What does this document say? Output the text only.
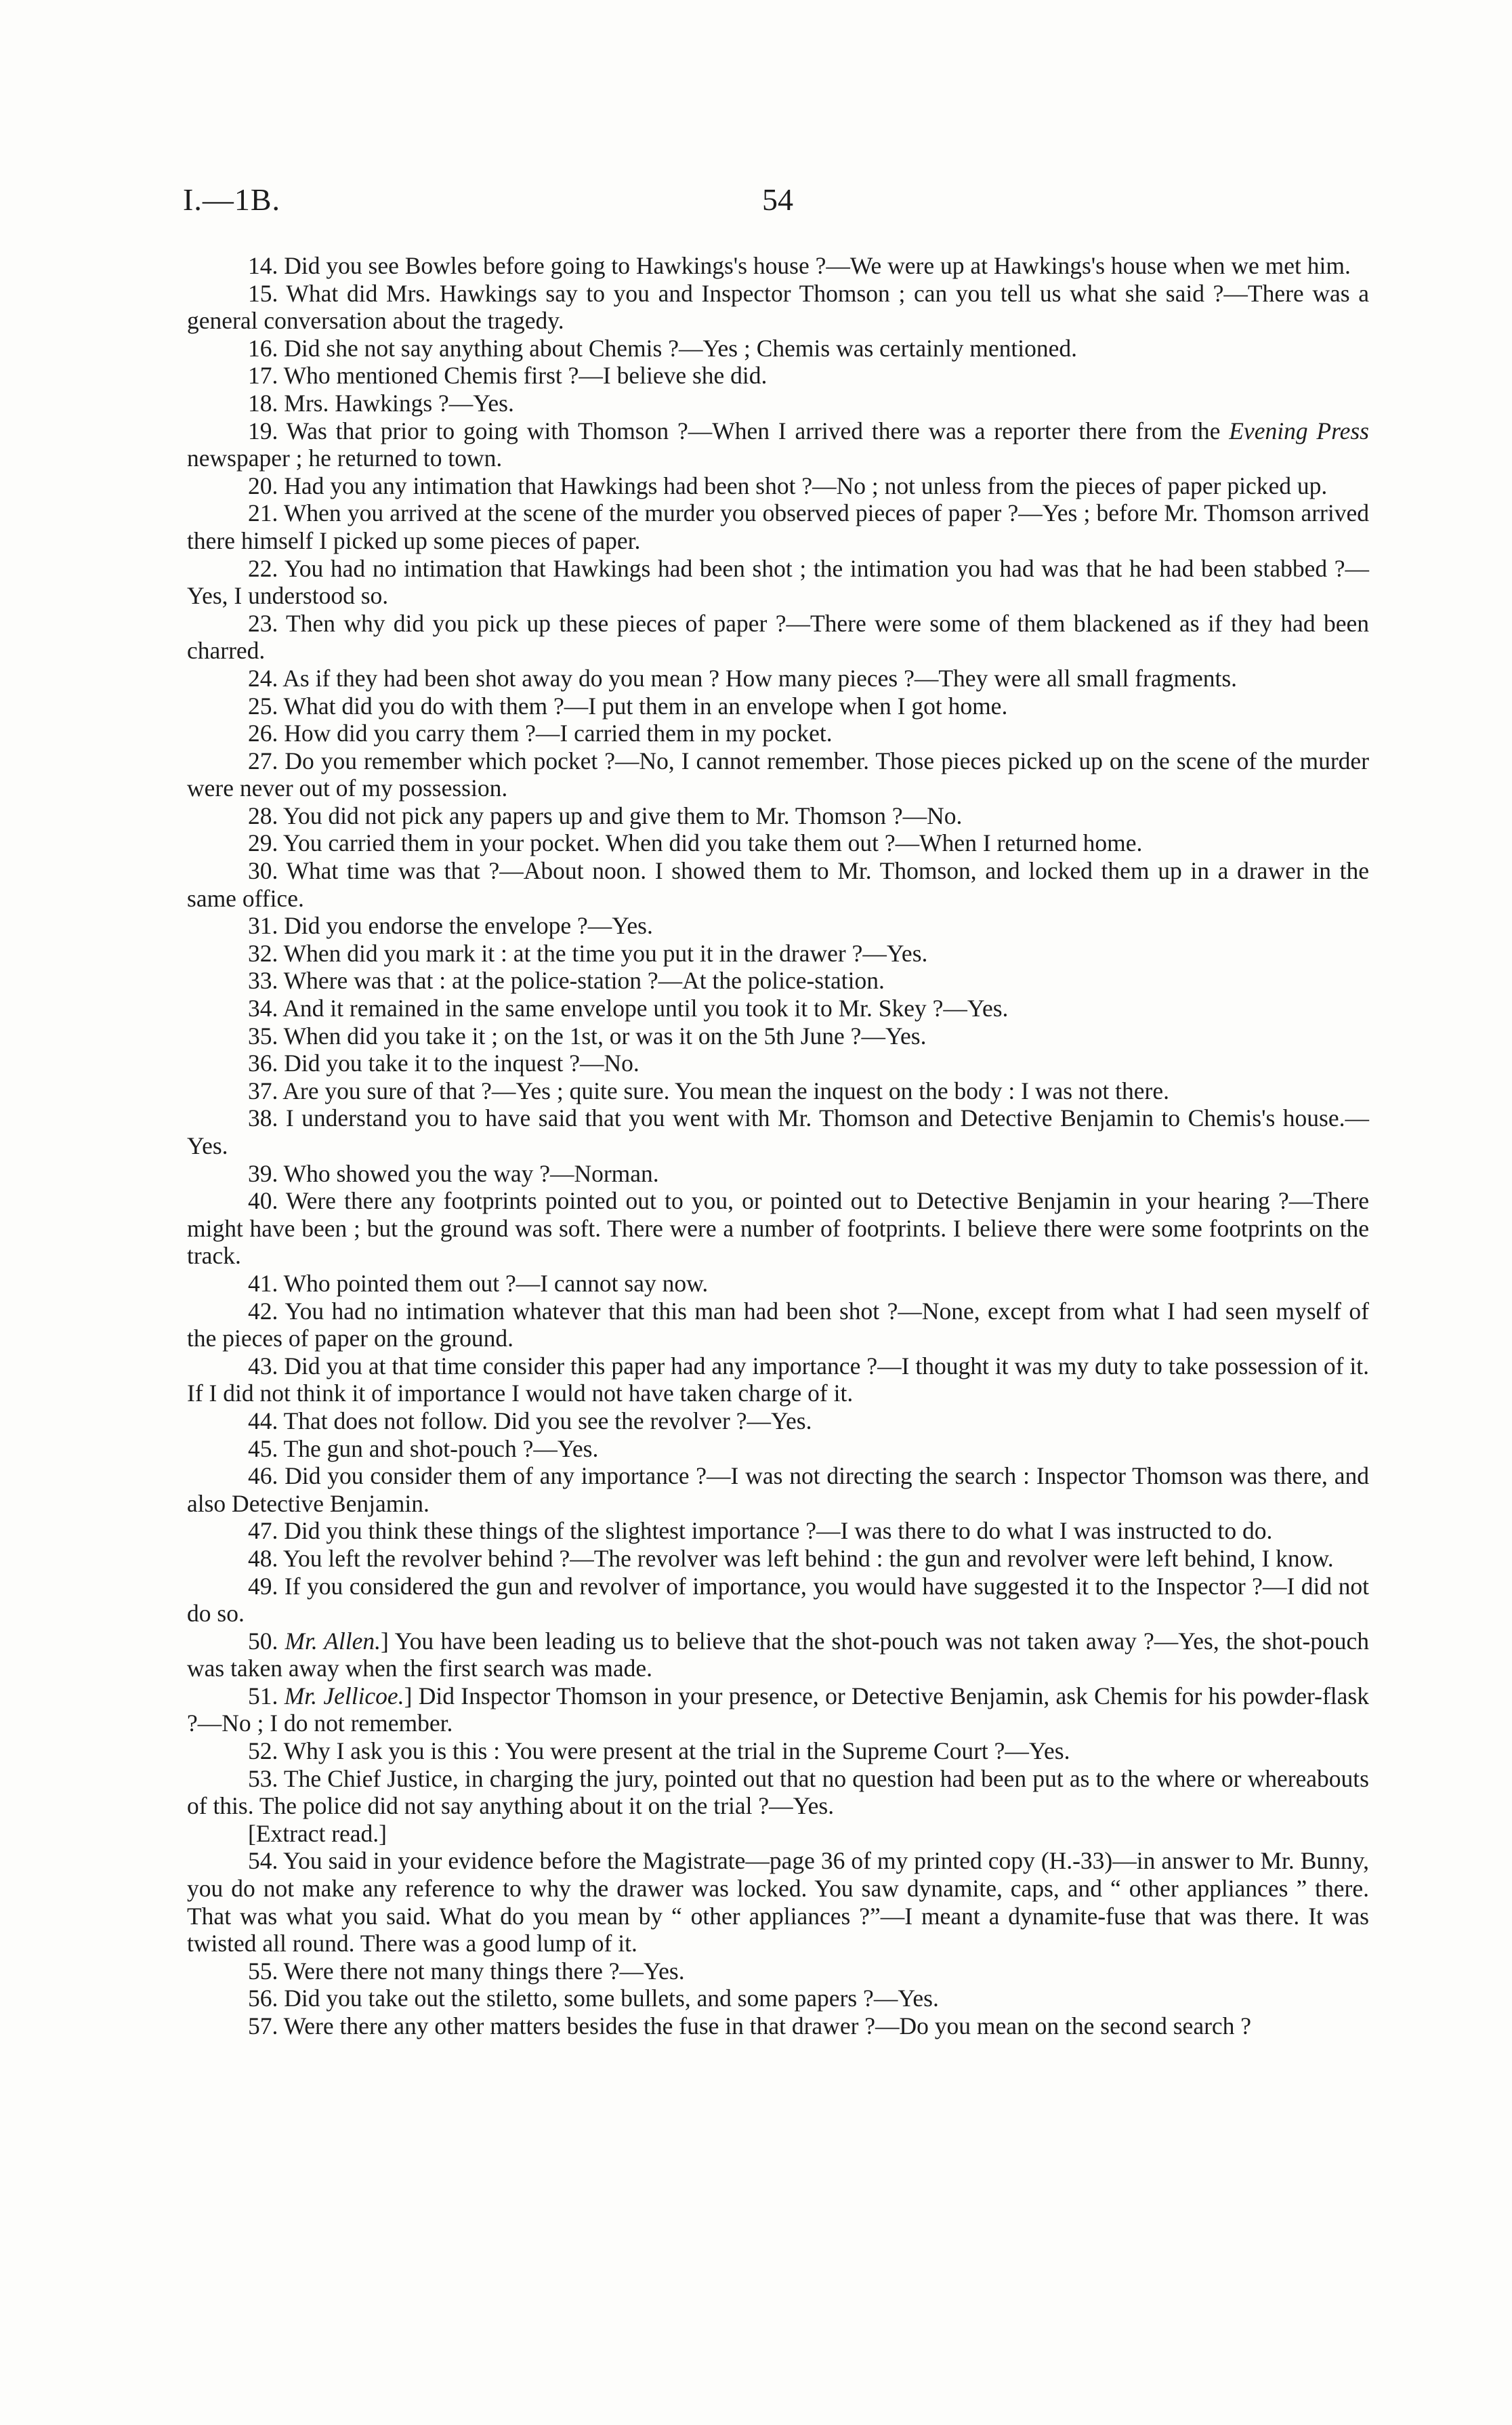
I.—1B.	54

14. Did you see Bowles before going to Hawkings's house ?—We were up at Hawkings's house when we met him.

15. What did Mrs. Hawkings say to you and Inspector Thomson ; can you tell us what she said ?—There was a general conversation about the tragedy.

16. Did she not say anything about Chemis ?—Yes ; Chemis was certainly mentioned.

17. Who mentioned Chemis first ?—I believe she did.

18. Mrs. Hawkings ?—Yes.

19. Was that prior to going with Thomson ?—When I arrived there was a reporter there from the Evening Press newspaper ; he returned to town.

20. Had you any intimation that Hawkings had been shot ?—No ; not unless from the pieces of paper picked up.

21. When you arrived at the scene of the murder you observed pieces of paper ?—Yes ; before Mr. Thomson arrived there himself I picked up some pieces of paper.

22. You had no intimation that Hawkings had been shot ; the intimation you had was that he had been stabbed ?—Yes, I understood so.

23. Then why did you pick up these pieces of paper ?—There were some of them blackened as if they had been charred.

24. As if they had been shot away do you mean ? How many pieces ?—They were all small fragments.

25. What did you do with them ?—I put them in an envelope when I got home.

26. How did you carry them ?—I carried them in my pocket.

27. Do you remember which pocket ?—No, I cannot remember. Those pieces picked up on the scene of the murder were never out of my possession.

28. You did not pick any papers up and give them to Mr. Thomson ?—No.

29. You carried them in your pocket. When did you take them out ?—When I returned home.

30. What time was that ?—About noon. I showed them to Mr. Thomson, and locked them up in a drawer in the same office.

31. Did you endorse the envelope ?—Yes.

32. When did you mark it : at the time you put it in the drawer ?—Yes.

33. Where was that : at the police-station ?—At the police-station.

34. And it remained in the same envelope until you took it to Mr. Skey ?—Yes.

35. When did you take it ; on the 1st, or was it on the 5th June ?—Yes.

36. Did you take it to the inquest ?—No.

37. Are you sure of that ?—Yes ; quite sure. You mean the inquest on the body : I was not there.

38. I understand you to have said that you went with Mr. Thomson and Detective Benjamin to Chemis's house.— Yes.

39. Who showed you the way ?—Norman.

40. Were there any footprints pointed out to you, or pointed out to Detective Benjamin in your hearing ?—There might have been ; but the ground was soft. There were a number of footprints. I believe there were some footprints on the track.

41. Who pointed them out ?—I cannot say now.

42. You had no intimation whatever that this man had been shot ?—None, except from what I had seen myself of the pieces of paper on the ground.

43. Did you at that time consider this paper had any importance ?—I thought it was my duty to take possession of it. If I did not think it of importance I would not have taken charge of it.

44. That does not follow. Did you see the revolver ?—Yes.

45. The gun and shot-pouch ?—Yes.

46. Did you consider them of any importance ?—I was not directing the search : Inspector Thomson was there, and also Detective Benjamin.

47. Did you think these things of the slightest importance ?—I was there to do what I was instructed to do.

48. You left the revolver behind ?—The revolver was left behind : the gun and revolver were left behind, I know.

49. If you considered the gun and revolver of importance, you would have suggested it to the Inspector ?—I did not do so.

50. Mr. Allen.] You have been leading us to believe that the shot-pouch was not taken away ?—Yes, the shot-pouch was taken away when the first search was made.

51. Mr. Jellicoe.] Did Inspector Thomson in your presence, or Detective Benjamin, ask Chemis for his powder-flask ?—No ; I do not remember.

52. Why I ask you is this : You were present at the trial in the Supreme Court ?—Yes.

53. The Chief Justice, in charging the jury, pointed out that no question had been put as to the where or whereabouts of this. The police did not say anything about it on the trial ?—Yes.

[Extract read.]

54. You said in your evidence before the Magistrate—page 36 of my printed copy (H.-33)—in answer to Mr. Bunny, you do not make any reference to why the drawer was locked. You saw dynamite, caps, and “ other appliances ” there. That was what you said. What do you mean by “ other appliances ?”—I meant a dynamite-fuse that was there. It was twisted all round. There was a good lump of it.

55. Were there not many things there ?—Yes.

56. Did you take out the stiletto, some bullets, and some papers ?—Yes.

57. Were there any other matters besides the fuse in that drawer ?—Do you mean on the second search ?
